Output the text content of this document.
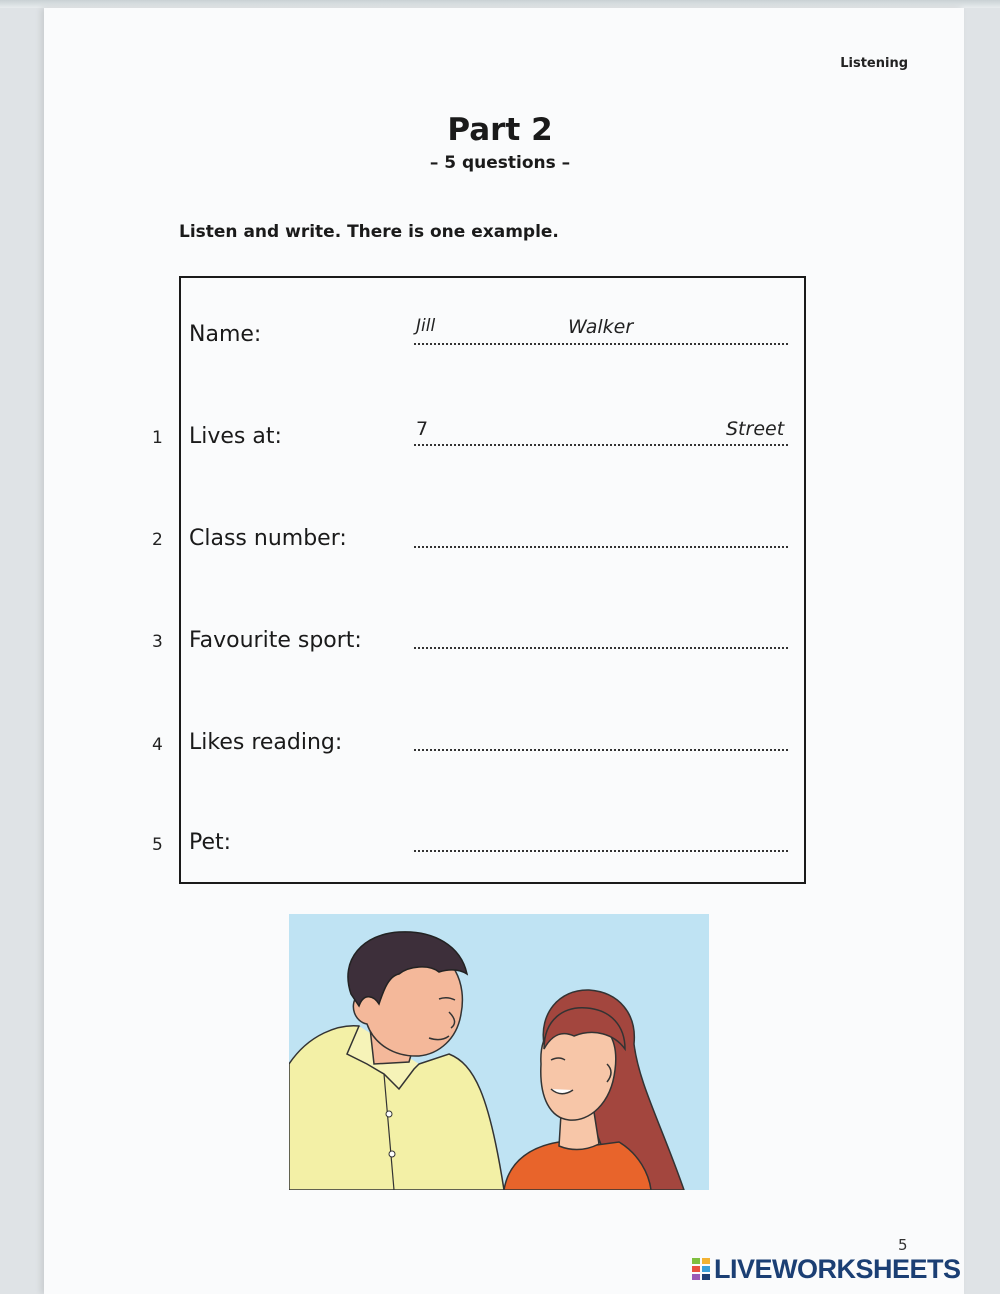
Listening
Part 2
– 5 questions –
Listen and write. There is one example.
Name:	Jill	Walker
1 Lives at:	7	Street
2 Class number:
3 Favourite sport:
4 Likes reading:
5 Pet:
5
LIVEWORKSHEETS
